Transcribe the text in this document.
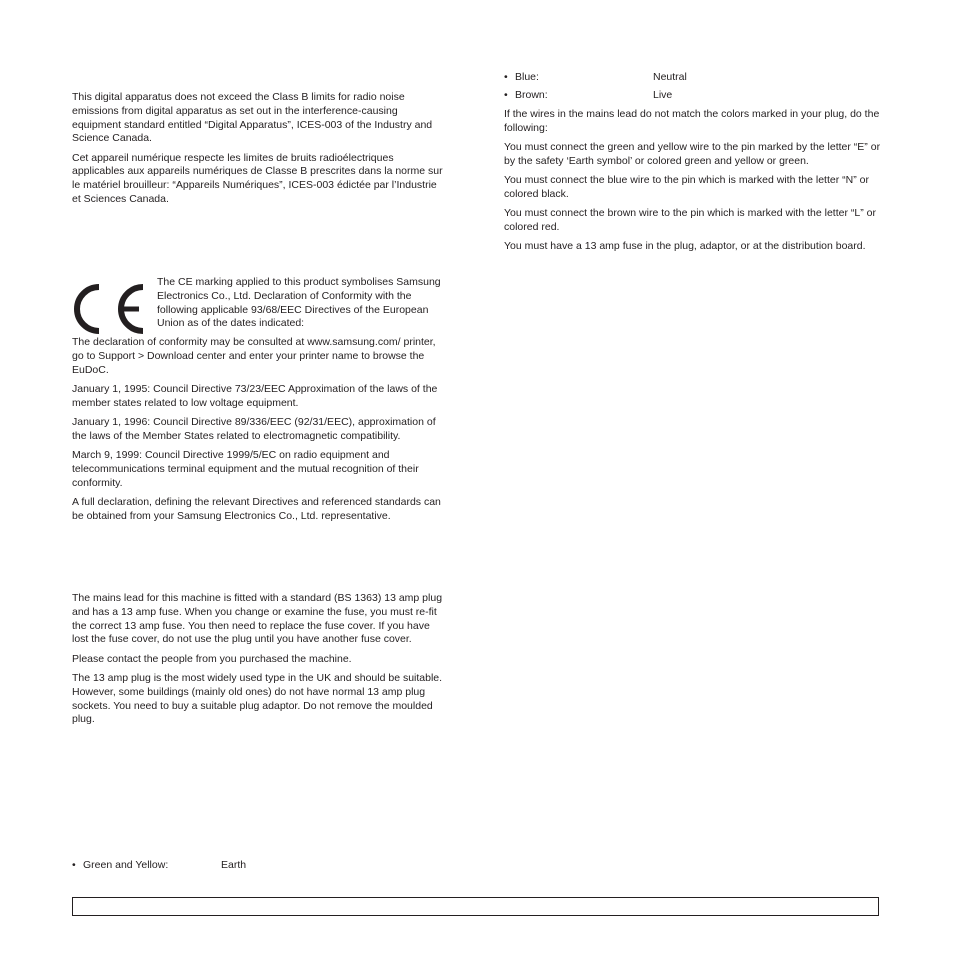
This digital apparatus does not exceed the Class B limits for radio noise emissions from digital apparatus as set out in the interference-causing equipment standard entitled “Digital Apparatus”, ICES-003 of the Industry and Science Canada.

Cet appareil numérique respecte les limites de bruits radioélectriques applicables aux appareils numériques de Classe B prescrites dans la norme sur le matériel brouilleur: “Appareils Numériques”, ICES-003 édictée par l’Industrie et Sciences Canada.

The CE marking applied to this product symbolises Samsung Electronics Co., Ltd. Declaration of Conformity with the following applicable 93/68/EEC Directives of the European Union as of the dates indicated:

The declaration of conformity may be consulted at www.samsung.com/ printer, go to Support > Download center and enter your printer name to browse the EuDoC.

January 1, 1995: Council Directive 73/23/EEC Approximation of the laws of the member states related to low voltage equipment.

January 1, 1996: Council Directive 89/336/EEC (92/31/EEC), approximation of the laws of the Member States related to electromagnetic compatibility.

March 9, 1999: Council Directive 1999/5/EC on radio equipment and telecommunications terminal equipment and the mutual recognition of their conformity.

A full declaration, defining the relevant Directives and referenced standards can be obtained from your Samsung Electronics Co., Ltd. representative.

The mains lead for this machine is fitted with a standard (BS 1363) 13 amp plug and has a 13 amp fuse. When you change or examine the fuse, you must re-fit the correct 13 amp fuse. You then need to replace the fuse cover. If you have lost the fuse cover, do not use the plug until you have another fuse cover.

Please contact the people from you purchased the machine.

The 13 amp plug is the most widely used type in the UK and should be suitable. However, some buildings (mainly old ones) do not have normal 13 amp plug sockets. You need to buy a suitable plug adaptor. Do not remove the moulded plug.

• Green and Yellow:	Earth
• Blue:	Neutral
• Brown:	Live

If the wires in the mains lead do not match the colors marked in your plug, do the following:

You must connect the green and yellow wire to the pin marked by the letter “E” or by the safety ‘Earth symbol’ or colored green and yellow or green.

You must connect the blue wire to the pin which is marked with the letter “N” or colored black.

You must connect the brown wire to the pin which is marked with the letter “L” or colored red.

You must have a 13 amp fuse in the plug, adaptor, or at the distribution board.
